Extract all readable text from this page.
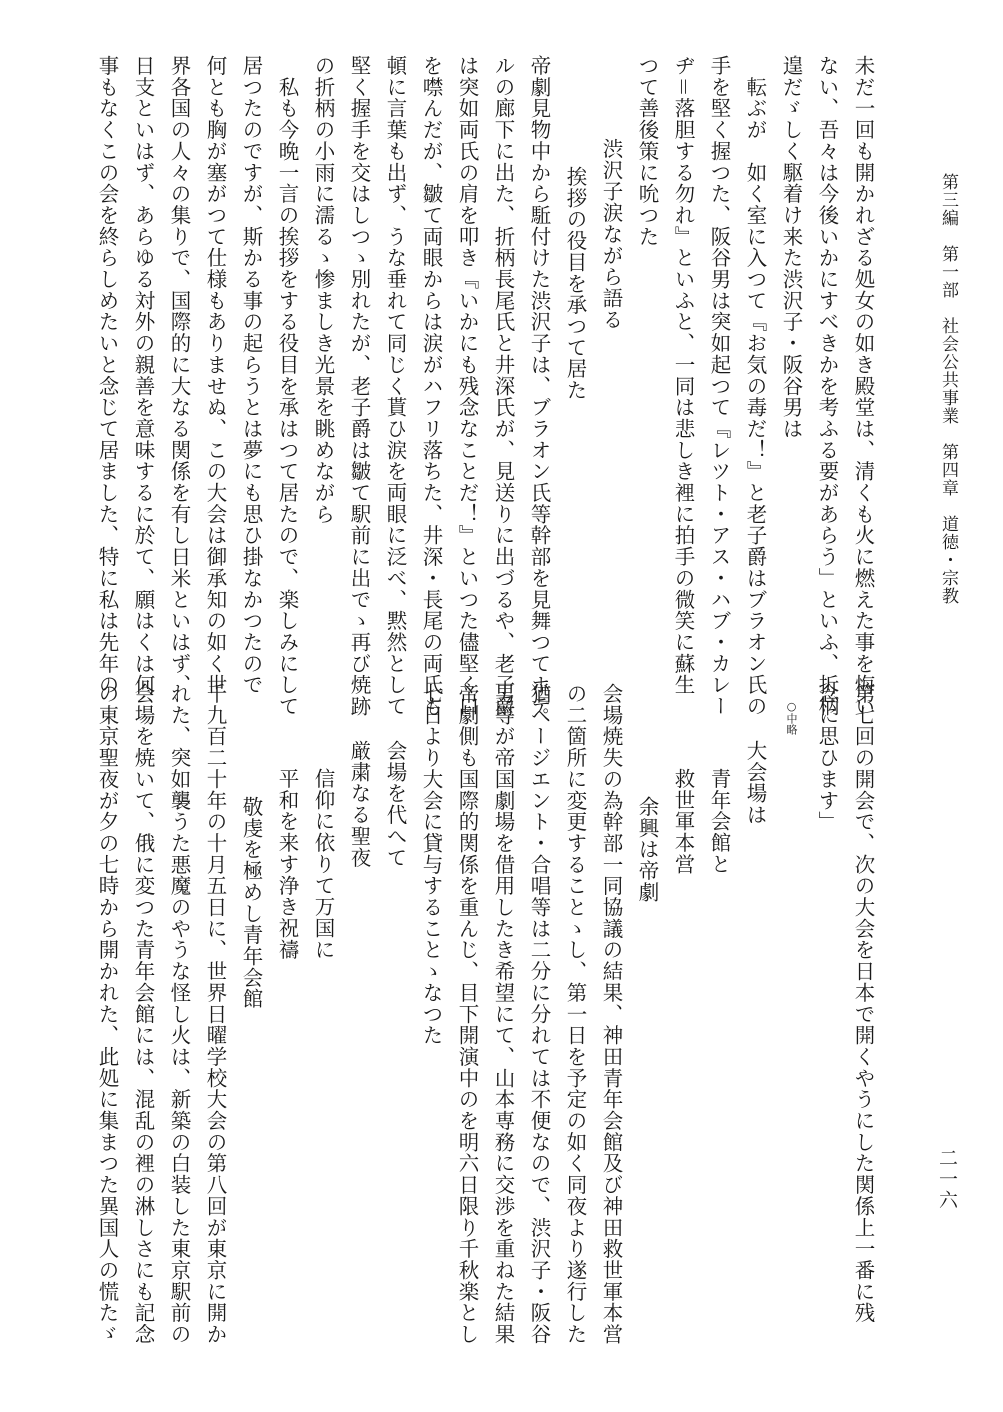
第三編　第一部　社会公共事業　第四章　道徳・宗教
二一六
未だ一回も開かれざる処女の如き殿堂は、清くも火に燃えた事を悔い
ない、吾々は今後いかにすべきかを考ふる要があらう」といふ、折柄
遑だゞしく駆着け来た渋沢子・阪谷男は
　転ぶが　如く室に入つて『お気の毒だ！』と老子爵はブラオン氏の
手を堅く握つた、阪谷男は突如起つて『レツト・アス・ハブ・カレー
ヂ＝落胆する勿れ』といふと、一同は悲しき裡に拍手の微笑に蘇生
つて善後策に吮つた
渋沢子涙ながら語る
挨拶の役目を承つて居た
帝劇見物中から駈付けた渋沢子は、ブラオン氏等幹部を見舞つてホテ
ルの廊下に出た、折柄長尾氏と井深氏が、見送りに出づるや、老子爵
は突如両氏の肩を叩き『いかにも残念なことだ！』といつた儘堅く口
を噤んだが、皺て両眼からは涙がハフリ落ちた、井深・長尾の両氏も
頓に言葉も出ず、うな垂れて同じく貰ひ涙を両眼に泛べ、黙然として
堅く握手を交はしつゝ別れたが、老子爵は皺て駅前に出でゝ再び焼跡
の折柄の小雨に濡るゝ惨ましき光景を眺めながら
　私も今晩一言の挨拶をする役目を承はつて居たので、楽しみにして
居つたのですが、斯かる事の起らうとは夢にも思ひ掛なかつたので
何とも胸が塞がつて仕様もありませぬ、この大会は御承知の如く世
界各国の人々の集りで、国際的に大なる関係を有し日米といはず、
日支といはず、あらゆる対外の親善を意味するに於て、願はくは何
事もなくこの会を終らしめたいと念じて居ました、特に私は先年の
第七回の開会で、次の大会を日本で開くやうにした関係上一番に残
念に思ひます」
○中略
大会場は
青年会館と
救世軍本営
余興は帝劇
会場焼失の為幹部一同協議の結果、神田青年会館及び神田救世軍本営
の二箇所に変更することゝし、第一日を予定の如く同夜より遂行した
猶ページエント・合唱等は二分に分れては不便なので、渋沢子・阪谷
男等が帝国劇場を借用したき希望にて、山本専務に交渉を重ねた結果
帝劇側も国際的関係を重んじ、目下開演中のを明六日限り千秋楽とし
七日より大会に貸与することゝなつた
会場を代へて
厳粛なる聖夜
信仰に依りて万国に
平和を来す浄き祝禱
敬虔を極めし青年会館
千九百二十年の十月五日に、世界日曜学校大会の第八回が東京に開か
れた、突如襲うた悪魔のやうな怪し火は、新築の白装した東京駅前の
会場を焼いて、俄に変つた青年会館には、混乱の裡の淋しさにも記念
の東京聖夜が夕の七時から開かれた、此処に集まつた異国人の慌たゞ
